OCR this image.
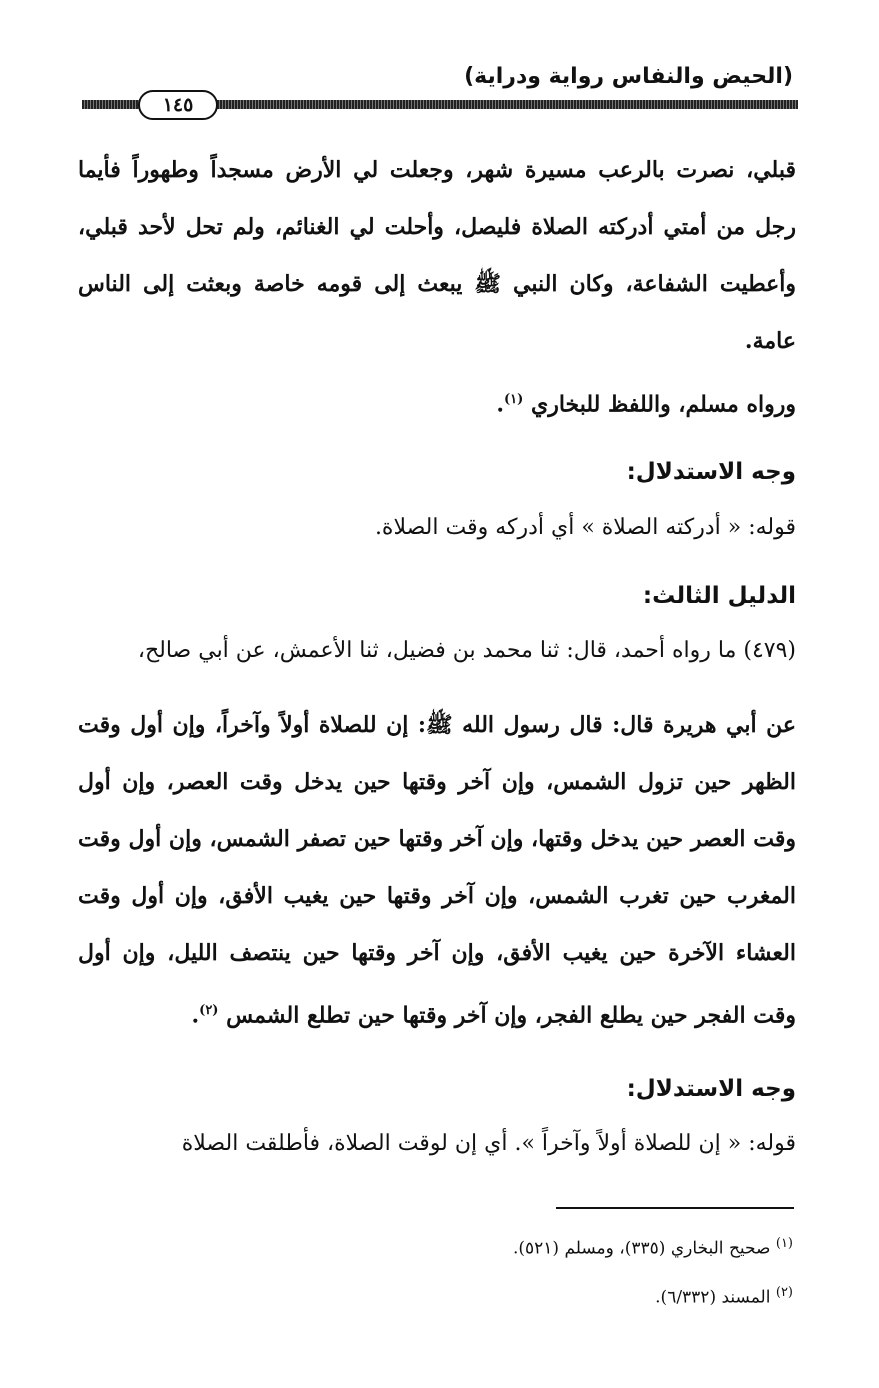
(الحيض والنفاس رواية ودراية)
١٤٥

قبلي، نصرت بالرعب مسيرة شهر، وجعلت لي الأرض مسجداً وطهوراً فأيما رجل من أمتي أدركته الصلاة فليصل، وأحلت لي الغنائم، ولم تحل لأحد قبلي، وأعطيت الشفاعة، وكان النبي ﷺ يبعث إلى قومه خاصة وبعثت إلى الناس عامة.

ورواه مسلم، واللفظ للبخاري $^{(١)}$.

وجه الاستدلال:

قوله: « أدركته الصلاة » أي أدركه وقت الصلاة.

الدليل الثالث:

(٤٧٩) ما رواه أحمد، قال: ثنا محمد بن فضيل، ثنا الأعمش، عن أبي صالح،

عن أبي هريرة قال: قال رسول الله ﷺ: إن للصلاة أولاً وآخراً، وإن أول وقت الظهر حين تزول الشمس، وإن آخر وقتها حين يدخل وقت العصر، وإن أول وقت العصر حين يدخل وقتها، وإن آخر وقتها حين تصفر الشمس، وإن أول وقت المغرب حين تغرب الشمس، وإن آخر وقتها حين يغيب الأفق، وإن أول وقت العشاء الآخرة حين يغيب الأفق، وإن آخر وقتها حين ينتصف الليل، وإن أول وقت الفجر حين يطلع الفجر، وإن آخر وقتها حين تطلع الشمس $^{(٢)}$.

وجه الاستدلال:

قوله: « إن للصلاة أولاً وآخراً ». أي إن لوقت الصلاة، فأطلقت الصلاة

$^{(١)}$ صحيح البخاري (٣٣٥)، ومسلم (٥٢١).

$^{(٢)}$ المسند (٦/٣٣٢).
